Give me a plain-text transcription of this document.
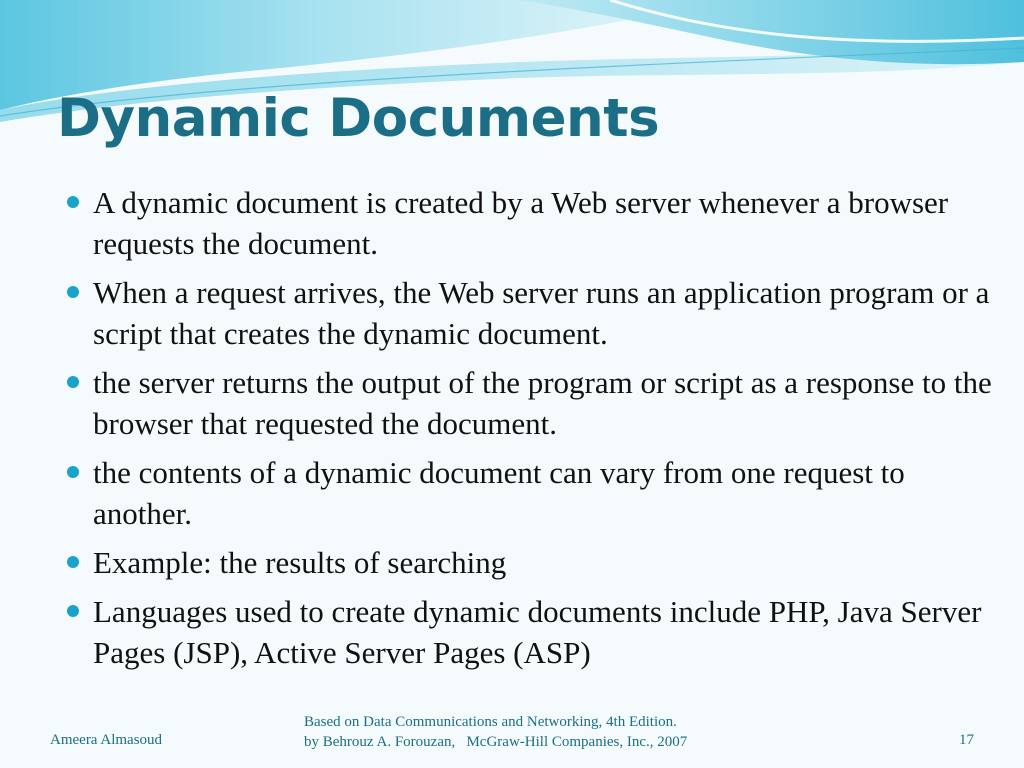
Dynamic Documents
A dynamic document is created by a Web server whenever a browser requests the document.
When a request arrives, the Web server runs an application program or a script that creates the dynamic document.
the server returns the output of the program or script as a response to the browser that requested the document.
the contents of a dynamic document can vary from one request to another.
Example: the results of searching
Languages used to create dynamic documents include PHP, Java Server Pages (JSP), Active Server Pages (ASP)
Ameera Almasoud
Based on Data Communications and Networking, 4th Edition.
by Behrouz A. Forouzan,   McGraw-Hill Companies, Inc., 2007	17
